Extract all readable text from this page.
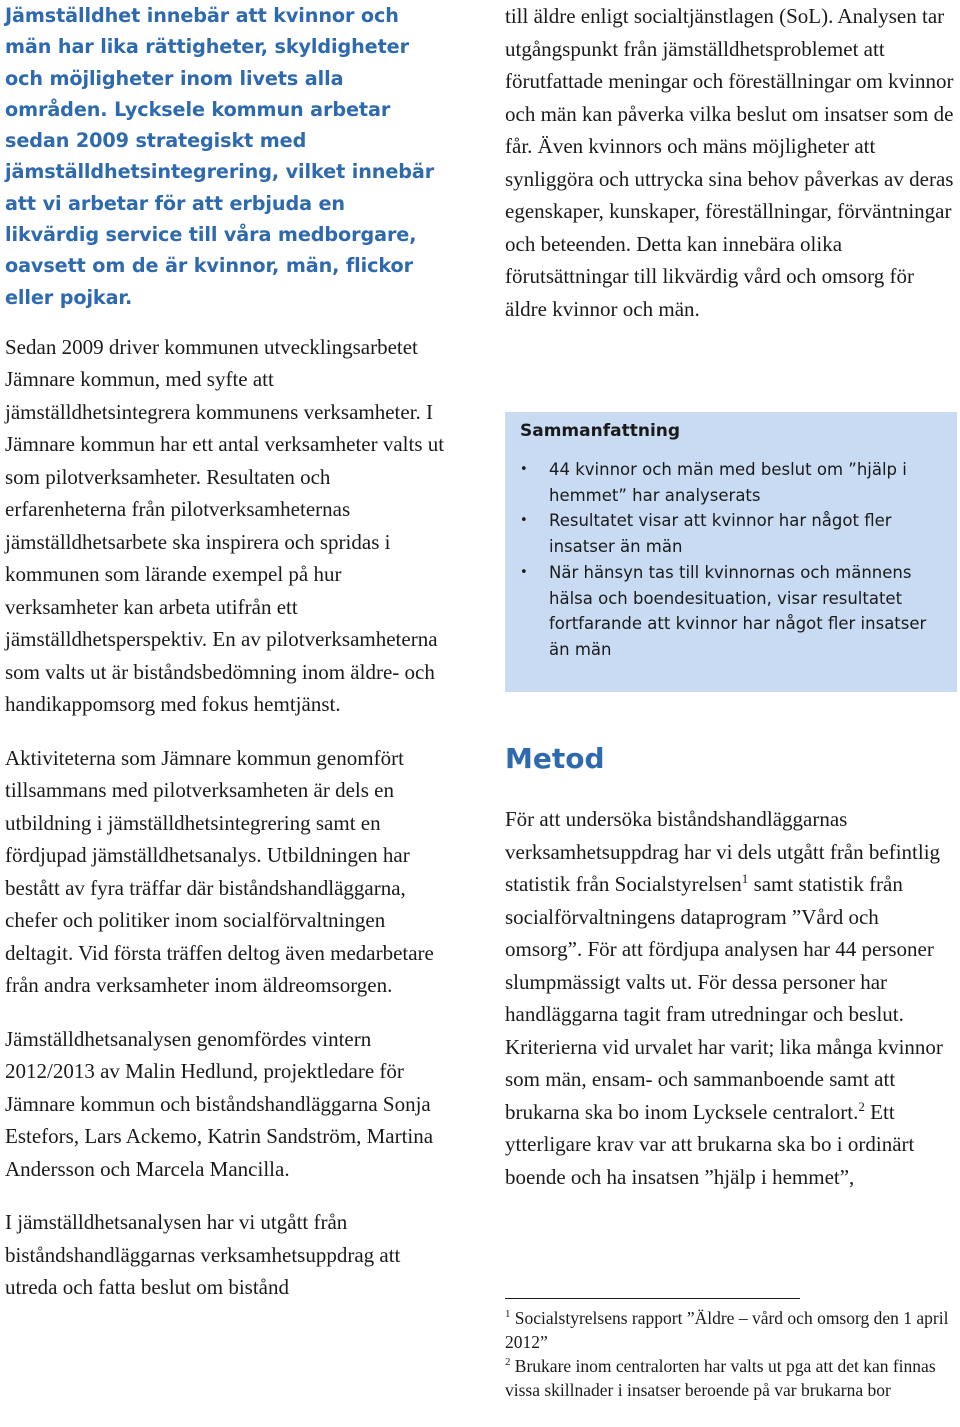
Jämställdhet innebär att kvinnor och män har lika rättigheter, skyldigheter och möjligheter inom livets alla områden. Lycksele kommun arbetar sedan 2009 strategiskt med jämställdhetsintegrering, vilket innebär att vi arbetar för att erbjuda en likvärdig service till våra medborgare, oavsett om de är kvinnor, män, flickor eller pojkar.

Sedan 2009 driver kommunen utvecklingsarbetet Jämnare kommun, med syfte att jämställdhetsintegrera kommunens verksamheter. I Jämnare kommun har ett antal verksamheter valts ut som pilotverksamheter. Resultaten och erfarenheterna från pilotverksamheternas jämställdhetsarbete ska inspirera och spridas i kommunen som lärande exempel på hur verksamheter kan arbeta utifrån ett jämställdhetsperspektiv. En av pilotverksamheterna som valts ut är biståndsbedömning inom äldre- och handikappomsorg med fokus hemtjänst.

Aktiviteterna som Jämnare kommun genomfört tillsammans med pilotverksamheten är dels en utbildning i jämställdhetsintegrering samt en fördjupad jämställdhetsanalys. Utbildningen har bestått av fyra träffar där biståndshandläggarna, chefer och politiker inom socialförvaltningen deltagit. Vid första träffen deltog även medarbetare från andra verksamheter inom äldreomsorgen.

Jämställdhetsanalysen genomfördes vintern 2012/2013 av Malin Hedlund, projektledare för Jämnare kommun och biståndshandläggarna Sonja Estefors, Lars Ackemo, Katrin Sandström, Martina Andersson och Marcela Mancilla.

I jämställdhetsanalysen har vi utgått från biståndshandläggarnas verksamhetsuppdrag att utreda och fatta beslut om bistånd

till äldre enligt socialtjänstlagen (SoL). Analysen tar utgångspunkt från jämställdhetsproblemet att förutfattade meningar och föreställningar om kvinnor och män kan påverka vilka beslut om insatser som de får. Även kvinnors och mäns möjligheter att synliggöra och uttrycka sina behov påverkas av deras egenskaper, kunskaper, föreställningar, förväntningar och beteenden. Detta kan innebära olika förutsättningar till likvärdig vård och omsorg för äldre kvinnor och män.

Sammanfattning

• 44 kvinnor och män med beslut om ”hjälp i hemmet” har analyserats
• Resultatet visar att kvinnor har något fler insatser än män
• När hänsyn tas till kvinnornas och männens hälsa och boendesituation, visar resultatet fortfarande att kvinnor har något fler insatser än män
Metod

För att undersöka biståndshandläggarnas verksamhetsuppdrag har vi dels utgått från befintlig statistik från Socialstyrelsen$^1$ samt statistik från socialförvaltningens dataprogram ”Vård och omsorg”. För att fördjupa analysen har 44 personer slumpmässigt valts ut. För dessa personer har handläggarna tagit fram utredningar och beslut. Kriterierna vid urvalet har varit; lika många kvinnor som män, ensam- och sammanboende samt att brukarna ska bo inom Lycksele centralort.$^2$ Ett ytterligare krav var att brukarna ska bo i ordinärt boende och ha insatsen ”hjälp i hemmet”,

$^1$ Socialstyrelsens rapport ”Äldre – vård och omsorg den 1 april 2012”

$^2$ Brukare inom centralorten har valts ut pga att det kan finnas vissa skillnader i insatser beroende på var brukarna bor
